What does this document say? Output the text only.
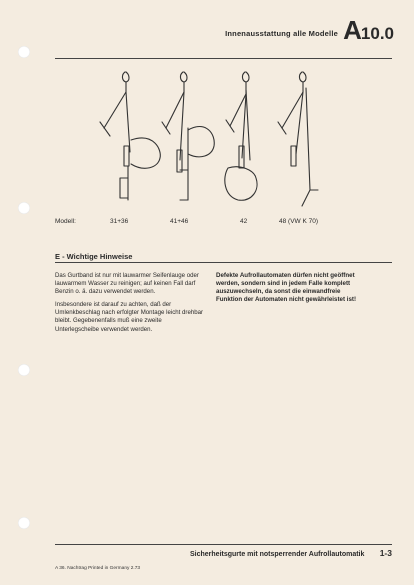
Innenausstattung alle Modelle A10.0
Modell:	31+36	41+46	42	48 (VW K 70)
E - Wichtige Hinweise

Das Gurtband ist nur mit lauwarmer Seifenlauge oder lauwarmem Wasser zu reinigen; auf keinen Fall darf Benzin o. ä. dazu verwendet werden.

Insbesondere ist darauf zu achten, daß der Umlenkbeschlag nach erfolgter Montage leicht drehbar bleibt. Gegebenenfalls muß eine zweite Unterlegscheibe verwendet werden.

Defekte Aufrollautomaten dürfen nicht geöffnet werden, sondern sind in jedem Falle komplett auszuwechseln, da sonst die einwandfreie Funktion der Automaten nicht gewährleistet ist!

Sicherheitsgurte mit notsperrender Aufrollautomatik 1-3
A 36. Nachtrag Printed in Germany 2.73
